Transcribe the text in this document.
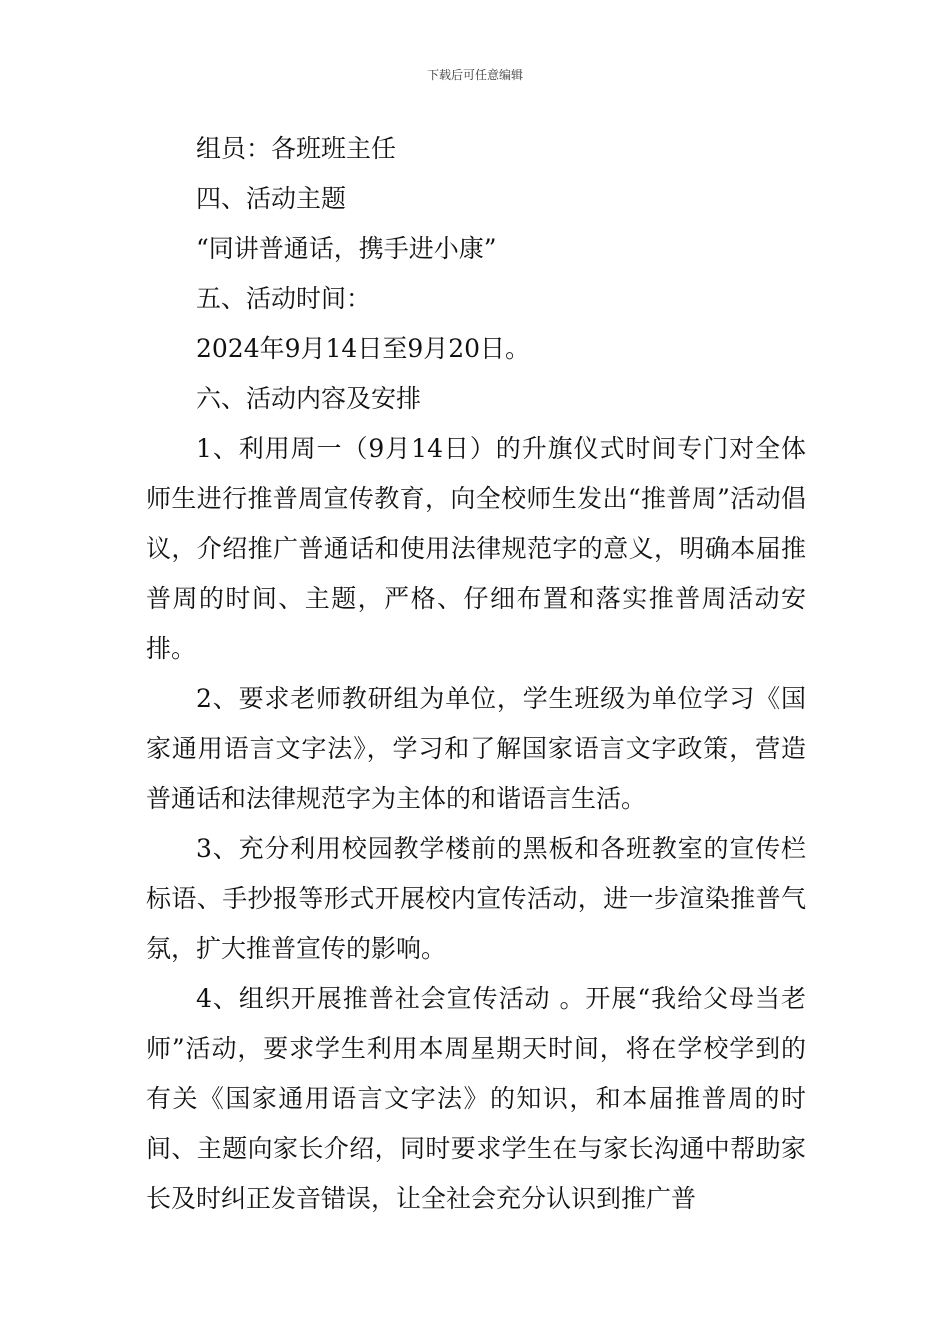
下载后可任意编辑
组员：各班班主任
四、活动主题
“同讲普通话，携手进小康”
五、活动时间：
2024年9月14日至9月20日。
六、活动内容及安排
1、利用周一（9月14日）的升旗仪式时间专门对全体师生进行推普周宣传教育，向全校师生发出“推普周”活动倡议，介绍推广普通话和使用法律规范字的意义，明确本届推普周的时间、主题，严格、仔细布置和落实推普周活动安排。
2、要求老师教研组为单位，学生班级为单位学习《国家通用语言文字法》，学习和了解国家语言文字政策，营造普通话和法律规范字为主体的和谐语言生活。
3、充分利用校园教学楼前的黑板和各班教室的宣传栏标语、手抄报等形式开展校内宣传活动，进一步渲染推普气氛，扩大推普宣传的影响。
4、组织开展推普社会宣传活动 。开展“我给父母当老师”活动，要求学生利用本周星期天时间，将在学校学到的有关《国家通用语言文字法》的知识，和本届推普周的时间、主题向家长介绍，同时要求学生在与家长沟通中帮助家长及时纠正发音错误，让全社会充分认识到推广普
